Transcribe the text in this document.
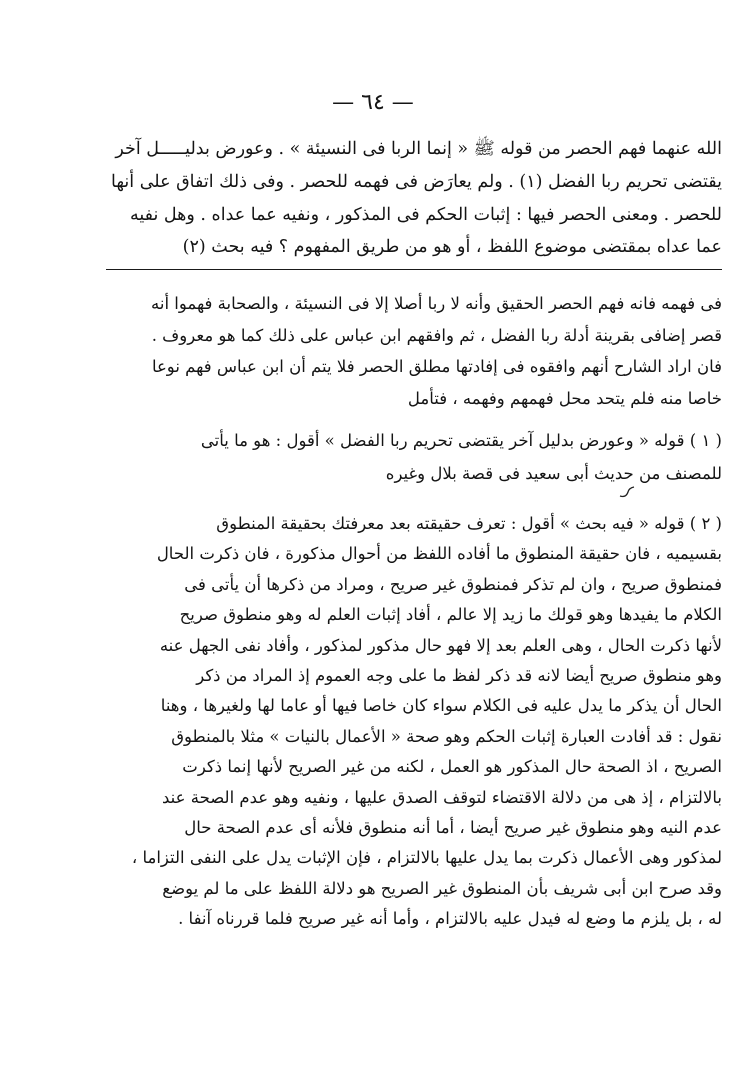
— ٦٤ —
الله عنهما فهم الحصر من قوله ﷺ « إنما الربا فى النسيئة » . وعورض بدليـــــل آخر
يقتضى تحريم ربا الفضل (١) . ولم يعارَض فى فهمه للحصر . وفى ذلك اتفاق على أنها
للحصر . ومعنى الحصر فيها : إثبات الحكم فى المذكور ، ونفيه عما عداه . وهل نفيه
عما عداه بمقتضى موضوع اللفظ ، أو هو من طريق المفهوم ؟ فيه بحث (٢)
فى فهمه فانه فهم الحصر الحقيق وأنه لا ربا أصلا إلا فى النسيئة ، والصحابة فهموا أنه
قصر إضافى بقرينة أدلة ربا الفضل ، ثم وافقهم ابن عباس على ذلك كما هو معروف .
فان اراد الشارح أنهم وافقوه فى إفادتها مطلق الحصر فلا يتم أن ابن عباس فهم نوعا
خاصا منه فلم يتحد محل فهمهم وفهمه ، فتأمل
( ١ ) قوله « وعورض بدليل آخر يقتضى تحريم ربا الفضل » أقول : هو ما يأتى
للمصنف من حديث أبى سعيد فى قصة بلال وغيره
( ٢ ) قوله « فيه بحث » أقول : تعرف حقيقته بعد معرفتك بحقيقة المنطوق
بقسيميه ، فان حقيقة المنطوق ما أفاده اللفظ من أحوال مذكورة ، فان ذكرت الحال
فمنطوق صريح ، وان لم تذكر فمنطوق غير صريح ، ومراد من ذكرها أن يأتى فى
الكلام ما يفيدها وهو قولك ما زيد إلا عالم ، أفاد إثبات العلم له وهو منطوق صريح
لأنها ذكرت الحال ، وهى العلم بعد إلا فهو حال مذكور لمذكور ، وأفاد نفى الجهل عنه
وهو منطوق صريح أيضا لانه قد ذكر لفظ ما على وجه العموم إذ المراد من ذكر
الحال أن يذكر ما يدل عليه فى الكلام سواء كان خاصا فيها أو عاما لها ولغيرها ، وهنا
نقول : قد أفادت العبارة إثبات الحكم وهو صحة « الأعمال بالنيات » مثلا بالمنطوق
الصريح ، اذ الصحة حال المذكور هو العمل ، لكنه من غير الصريح لأنها إنما ذكرت
بالالتزام ، إذ هى من دلالة الاقتضاء لتوقف الصدق عليها ، ونفيه وهو عدم الصحة عند
عدم النيه وهو منطوق غير صريح أيضا ، أما أنه منطوق فلأنه أى عدم الصحة حال
لمذكور وهى الأعمال ذكرت بما يدل عليها بالالتزام ، فإن الإثبات يدل على النفى التزاما ،
وقد صرح ابن أبى شريف بأن المنطوق غير الصريح هو دلالة اللفظ على ما لم يوضع
له ، بل يلزم ما وضع له فيدل عليه بالالتزام ، وأما أنه غير صريح فلما قررناه آنفا .
